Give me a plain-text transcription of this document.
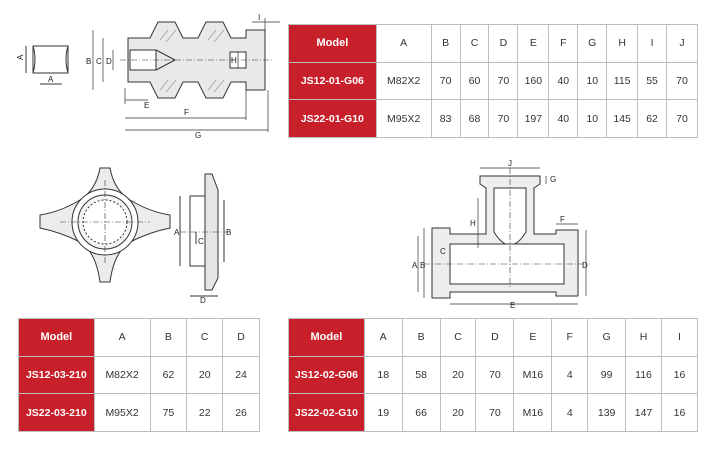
A
A
B C D
E
F
G
H
I
Model	A	B	C	D	E	F	G	H	I	J
JS12-01-G06	M82X2	70	60	70	160	40	10	115	55	70
JS22-01-G10	M95X2	83	68	70	197	40	10	145	62	70
A	B
C
D
A B
C
D
E
F
G
H
J
Model	A	B	C	D
JS12-03-210	M82X2	62	20	24
JS22-03-210	M95X2	75	22	26
Model	A	B	C	D	E	F	G	H	I
JS12-02-G06	18	58	20	70	M16	4	99	116	16
JS22-02-G10	19	66	20	70	M16	4	139	147	16
